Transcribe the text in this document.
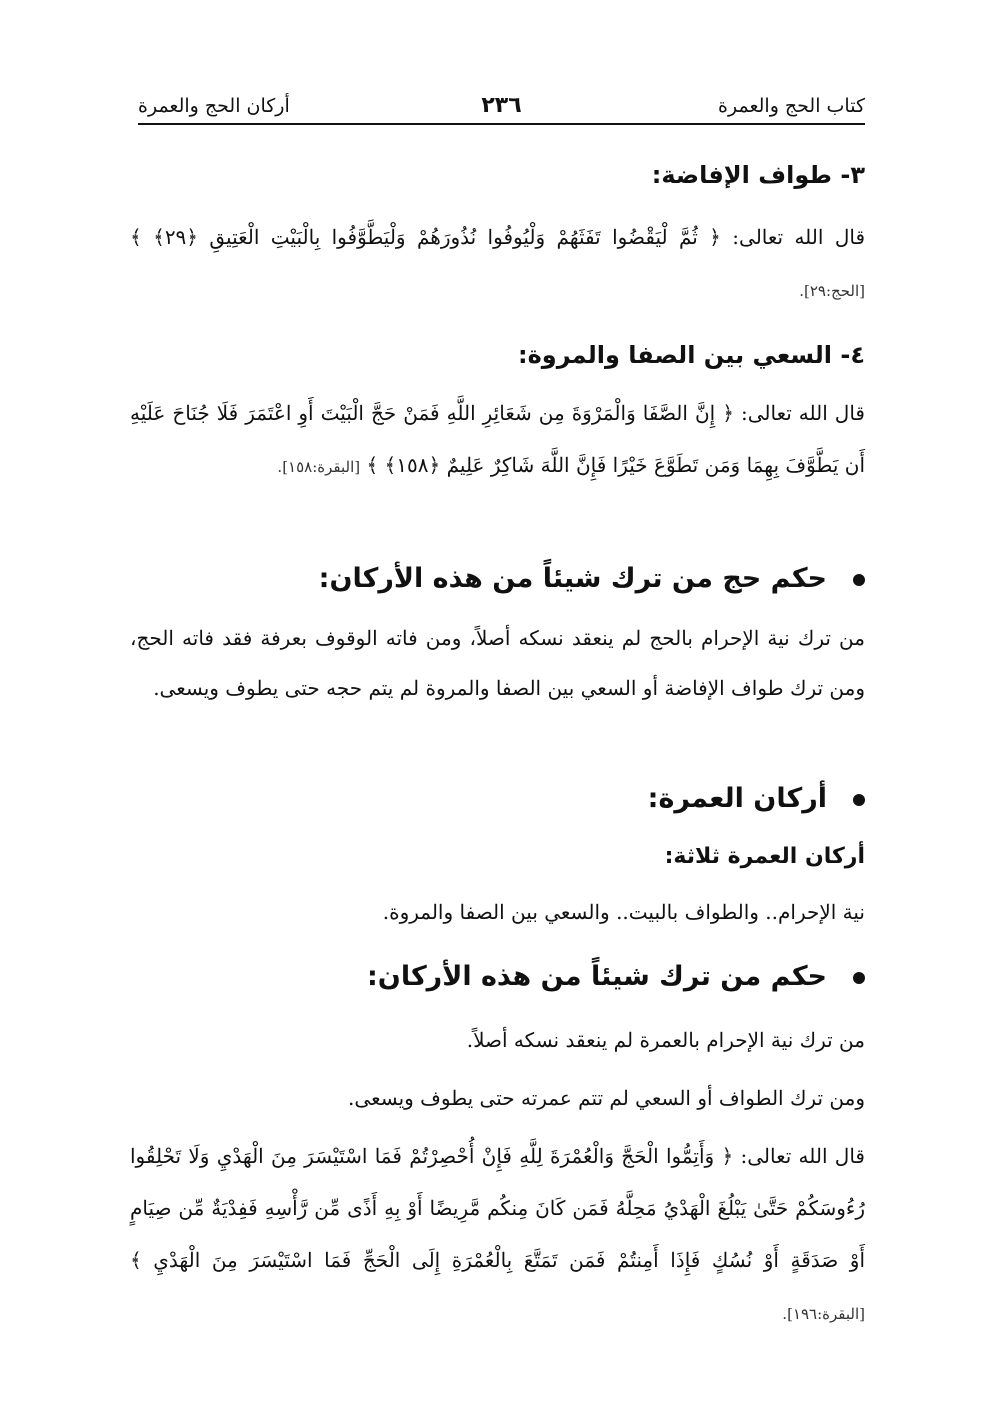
كتاب الحج والعمرة
٢٣٦
أركان الحج والعمرة
٣- طواف الإفاضة:
قال الله تعالى: ﴿ ثُمَّ لْيَقْضُوا تَفَثَهُمْ وَلْيُوفُوا نُذُورَهُمْ وَلْيَطَّوَّفُوا بِالْبَيْتِ الْعَتِيقِ ﴿٢٩﴾ ﴾ [الحج:٢٩].
٤- السعي بين الصفا والمروة:
قال الله تعالى: ﴿ إِنَّ الصَّفَا وَالْمَرْوَةَ مِن شَعَائِرِ اللَّهِ فَمَنْ حَجَّ الْبَيْتَ أَوِ اعْتَمَرَ فَلَا جُنَاحَ عَلَيْهِ أَن يَطَّوَّفَ بِهِمَا وَمَن تَطَوَّعَ خَيْرًا فَإِنَّ اللَّهَ شَاكِرٌ عَلِيمٌ ﴿١٥٨﴾ ﴾ [البقرة:١٥٨].
حكم حج من ترك شيئاً من هذه الأركان:
من ترك نية الإحرام بالحج لم ينعقد نسكه أصلاً، ومن فاته الوقوف بعرفة فقد فاته الحج، ومن ترك طواف الإفاضة أو السعي بين الصفا والمروة لم يتم حجه حتى يطوف ويسعى.
أركان العمرة:
أركان العمرة ثلاثة:
نية الإحرام.. والطواف بالبيت.. والسعي بين الصفا والمروة.
حكم من ترك شيئاً من هذه الأركان:
من ترك نية الإحرام بالعمرة لم ينعقد نسكه أصلاً.
ومن ترك الطواف أو السعي لم تتم عمرته حتى يطوف ويسعى.
قال الله تعالى: ﴿ وَأَتِمُّوا الْحَجَّ وَالْعُمْرَةَ لِلَّهِ فَإِنْ أُحْصِرْتُمْ فَمَا اسْتَيْسَرَ مِنَ الْهَدْيِ وَلَا تَحْلِقُوا رُءُوسَكُمْ حَتَّىٰ يَبْلُغَ الْهَدْيُ مَحِلَّهُ فَمَن كَانَ مِنكُم مَّرِيضًا أَوْ بِهِ أَذًى مِّن رَّأْسِهِ فَفِدْيَةٌ مِّن صِيَامٍ أَوْ صَدَقَةٍ أَوْ نُسُكٍ فَإِذَا أَمِنتُمْ فَمَن تَمَتَّعَ بِالْعُمْرَةِ إِلَى الْحَجِّ فَمَا اسْتَيْسَرَ مِنَ الْهَدْيِ ﴾ [البقرة:١٩٦].
